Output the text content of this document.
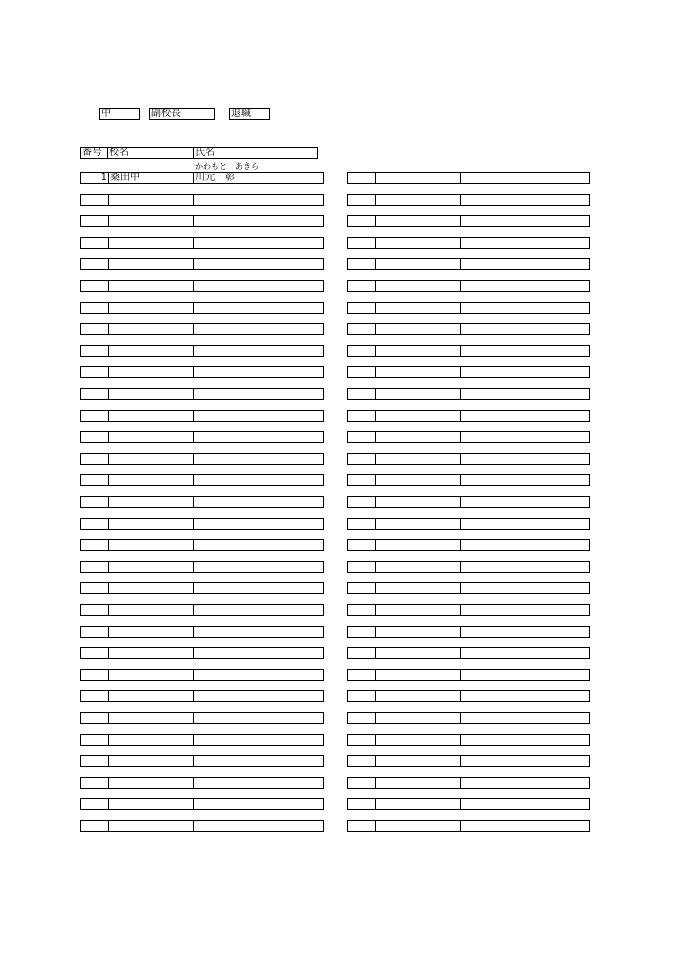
中	副校長	退職
番号 校名	氏名
かわもと　あきら
1 桑田中	川元　彰
